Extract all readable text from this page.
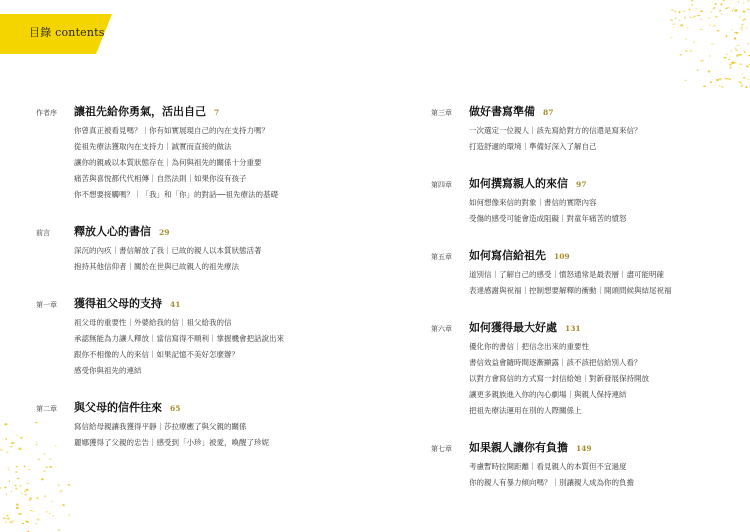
目錄 contents
作者序	讓祖先給你勇氣，活出自己 7
你曾真正被看見嗎？｜你有如實展現自己的內在支持力嗎？
從祖先療法獲取內在支持力｜誠實而直接的做法
讓你的親戚以本質狀態存在｜為何與祖先的關係十分重要
痛苦與喜悅都代代相傳｜自然法則｜如果你沒有孩子
你不想要接觸嗎？｜「我」和「你」的對話──祖先療法的基礎
前言	釋放人心的書信 29
深沉的內疚｜書信解放了我｜已故的親人以本質狀態活著
抱持其他信仰者｜關於在世與已故親人的祖先療法
第一章	獲得祖父母的支持 41
祖父母的重要性｜外婆給我的信｜祖父給我的信
承認無能為力讓人釋放｜當信寫得不順利｜掌握機會把話說出來
跟你不相像的人的來信｜如果記憶不美好怎麼辦？
感受你與祖先的連結
第二章	與父母的信件往來 65
寫信給母親讓我獲得平靜｜莎拉療癒了與父親的關係
麗娜獲得了父親的忠告｜感受到「小珍」被愛，喚醒了珍妮
第三章	做好書寫準備 87
一次選定一位親人｜該先寫給對方的信還是寫來信？
打造舒適的環境｜準備好深入了解自己
第四章	如何撰寫親人的來信 97
如何想像來信的對象｜書信的實際內容
受傷的感受可能會造成阻礙｜對童年痛苦的憤怒
第五章	如何寫信給祖先 109
道別信｜了解自己的感受｜憤怒通常是最表層｜盡可能明確
表達感謝與祝福｜控制想要解釋的衝動｜開頭問候與結尾祝福
第六章	如何獲得最大好處 131
優化你的書信｜把信念出來的重要性
書信效益會隨時間逐漸顯露｜該不該把信給別人看？
以對方會寫信的方式寫一封信給她｜對新發展保持開放
讓更多親族進入你的內心劇場｜與親人保持連結
把祖先療法運用在別的人際關係上
第七章	如果親人讓你有負擔 149
考慮暫時拉開距離｜看見親人的本質但不宜過度
你的親人有暴力傾向嗎？｜別讓親人成為你的負擔
